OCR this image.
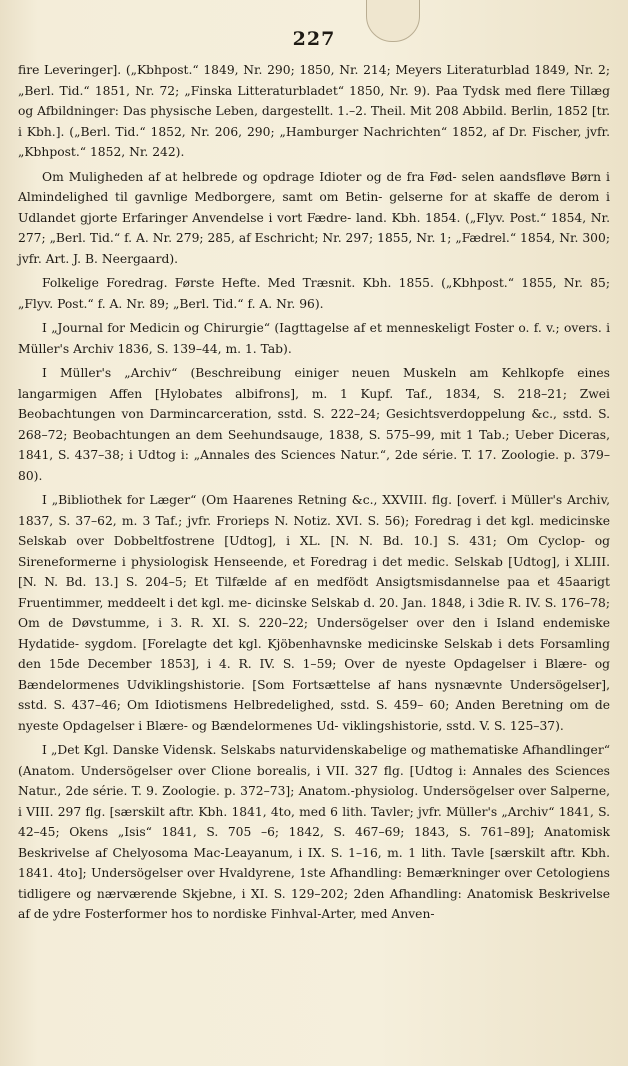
227

fire Leveringer]. („Kbhpost.“ 1849, Nr. 290; 1850, Nr. 214; Meyers Literaturblad 1849, Nr. 2; „Berl. Tid.“ 1851, Nr. 72; „Finska Litteraturbladet“ 1850, Nr. 9). Paa Tydsk med flere Tillæg og Afbildninger: Das physische Leben, dargestellt. 1.–2. Theil. Mit 208 Abbild. Berlin, 1852 [tr. i Kbh.]. („Berl. Tid.“ 1852, Nr. 206, 290; „Hamburger Nachrichten“ 1852, af Dr. Fischer, jvfr. „Kbhpost.“ 1852, Nr. 242).

Om Muligheden af at helbrede og opdrage Idioter og de fra Fød- selen aandsfløve Børn i Almindelighed til gavnlige Medborgere, samt om Betin- gelserne for at skaffe de derom i Udlandet gjorte Erfaringer Anvendelse i vort Fædre- land. Kbh. 1854. („Flyv. Post.“ 1854, Nr. 277; „Berl. Tid.“ f. A. Nr. 279; 285, af Eschricht; Nr. 297; 1855, Nr. 1; „Fædrel.“ 1854, Nr. 300; jvfr. Art. J. B. Neergaard).

Folkelige Foredrag. Første Hefte. Med Træsnit. Kbh. 1855. („Kbhpost.“ 1855, Nr. 85; „Flyv. Post.“ f. A. Nr. 89; „Berl. Tid.“ f. A. Nr. 96).

I „Journal for Medicin og Chirurgie“ (Iagttagelse af et menneskeligt Foster o. f. v.; overs. i Müller's Archiv 1836, S. 139–44, m. 1. Tab).

I Müller's „Archiv“ (Beschreibung einiger neuen Muskeln am Kehlkopfe eines langarmigen Affen [Hylobates albifrons], m. 1 Kupf. Taf., 1834, S. 218–21; Zwei Beobachtungen von Darmincarceration, sstd. S. 222–24; Gesichtsverdoppelung &c., sstd. S. 268–72; Beobachtungen an dem Seehundsauge, 1838, S. 575–99, mit 1 Tab.; Ueber Diceras, 1841, S. 437–38; i Udtog i: „Annales des Sciences Natur.“, 2de série. T. 17. Zoologie. p. 379–80).

I „Bibliothek for Læger“ (Om Haarenes Retning &c., XXVIII. flg. [overf. i Müller's Archiv, 1837, S. 37–62, m. 3 Taf.; jvfr. Frorieps N. Notiz. XVI. S. 56); Foredrag i det kgl. medicinske Selskab over Dobbeltfostrene [Udtog], i XL. [N. N. Bd. 10.] S. 431; Om Cyclop- og Sireneformerne i physiologisk Henseende, et Foredrag i det medic. Selskab [Udtog], i XLIII. [N. N. Bd. 13.] S. 204–5; Et Tilfælde af en medfödt Ansigtsmisdannelse paa et 45aarigt Fruentimmer, meddeelt i det kgl. me- dicinske Selskab d. 20. Jan. 1848, i 3die R. IV. S. 176–78; Om de Døvstumme, i 3. R. XI. S. 220–22; Undersögelser over den i Island endemiske Hydatide- sygdom. [Forelagte det kgl. Kjöbenhavnske medicinske Selskab i dets Forsamling den 15de December 1853], i 4. R. IV. S. 1–59; Over de nyeste Opdagelser i Blære- og Bændelormenes Udviklingshistorie. [Som Fortsættelse af hans nysnævnte Undersögelser], sstd. S. 437–46; Om Idiotismens Helbredelighed, sstd. S. 459– 60; Anden Beretning om de nyeste Opdagelser i Blære- og Bændelormenes Ud- viklingshistorie, sstd. V. S. 125–37).

I „Det Kgl. Danske Vidensk. Selskabs naturvidenskabelige og mathematiske Afhandlinger“ (Anatom. Undersögelser over Clione borealis, i VII. 327 flg. [Udtog i: Annales des Sciences Natur., 2de série. T. 9. Zoologie. p. 372–73]; Anatom.-physiolog. Undersögelser over Salperne, i VIII. 297 flg. [særskilt aftr. Kbh. 1841, 4to, med 6 lith. Tavler; jvfr. Müller's „Archiv“ 1841, S. 42–45; Okens „Isis“ 1841, S. 705 –6; 1842, S. 467–69; 1843, S. 761–89]; Anatomisk Beskrivelse af Chelyosoma Mac-Leayanum, i IX. S. 1–16, m. 1 lith. Tavle [særskilt aftr. Kbh. 1841. 4to]; Undersögelser over Hvaldyrene, 1ste Afhandling: Bemærkninger over Cetologiens tidligere og nærværende Skjebne, i XI. S. 129–202; 2den Afhandling: Anatomisk Beskrivelse af de ydre Fosterformer hos to nordiske Finhval-Arter, med Anven-
